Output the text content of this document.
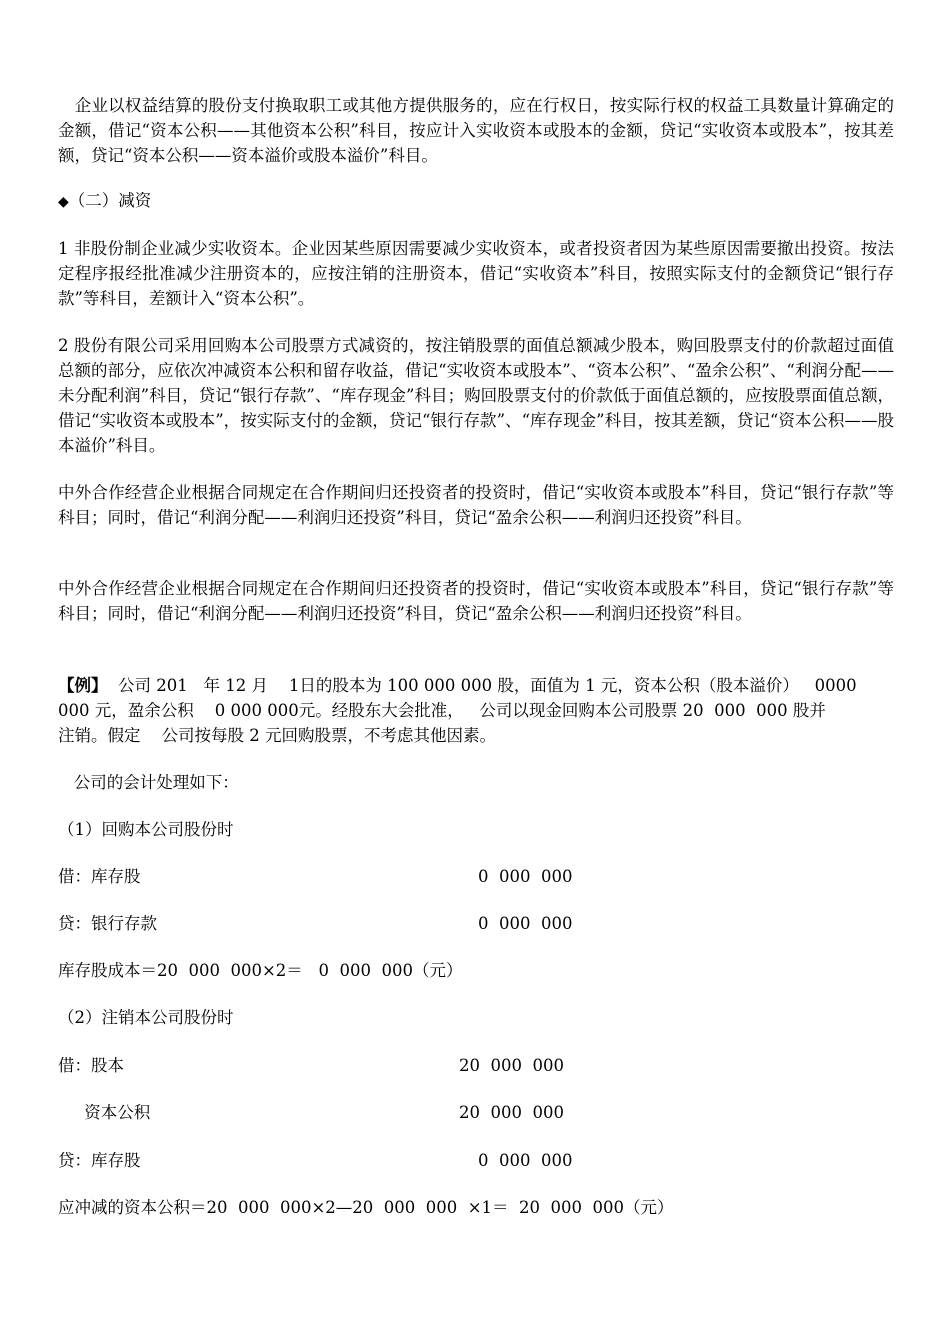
　企业以权益结算的股份支付换取职工或其他方提供服务的，应在行权日，按实际行权的权益工具数量计算确定的金额，借记“资本公积——其他资本公积”科目，按应计入实收资本或股本的金额，贷记“实收资本或股本”，按其差额，贷记“资本公积——资本溢价或股本溢价”科目。

◆（二）减资

1 非股份制企业减少实收资本。企业因某些原因需要减少实收资本，或者投资者因为某些原因需要撤出投资。按法定程序报经批准减少注册资本的，应按注销的注册资本，借记“实收资本”科目，按照实际支付的金额贷记“银行存款”等科目，差额计入“资本公积”。

2 股份有限公司采用回购本公司股票方式减资的，按注销股票的面值总额减少股本，购回股票支付的价款超过面值总额的部分，应依次冲减资本公积和留存收益，借记“实收资本或股本”、“资本公积”、“盈余公积”、“利润分配——未分配利润”科目，贷记“银行存款”、“库存现金”科目；购回股票支付的价款低于面值总额的，应按股票面值总额，借记“实收资本或股本”，按实际支付的金额，贷记“银行存款”、“库存现金”科目，按其差额，贷记“资本公积——股本溢价”科目。

中外合作经营企业根据合同规定在合作期间归还投资者的投资时，借记“实收资本或股本”科目，贷记“银行存款”等科目；同时，借记“利润分配——利润归还投资”科目，贷记“盈余公积——利润归还投资”科目。

中外合作经营企业根据合同规定在合作期间归还投资者的投资时，借记“实收资本或股本”科目，贷记“银行存款”等科目；同时，借记“利润分配——利润归还投资”科目，贷记“盈余公积——利润归还投资”科目。

【例】  公司 201   年 12 月    1日的股本为 100 000 000 股，面值为 1 元，资本公积（股本溢价）   0000

000 元，盈余公积    0 000 000元。经股东大会批准，   公司以现金回购本公司股票 20  000  000 股并

注销。假定    公司按每股 2 元回购股票，不考虑其他因素。

公司的会计处理如下：

（1）回购本公司股份时

借：库存股	0  000  000

贷：银行存款	0  000  000

库存股成本＝20  000  000×2＝   0  000  000（元）

（2）注销本公司股份时

借：股本	20  000  000

资本公积	20  000  000

贷：库存股	0  000  000

应冲减的资本公积＝20  000  000×2—20  000  000  ×1＝  20  000  000（元）
